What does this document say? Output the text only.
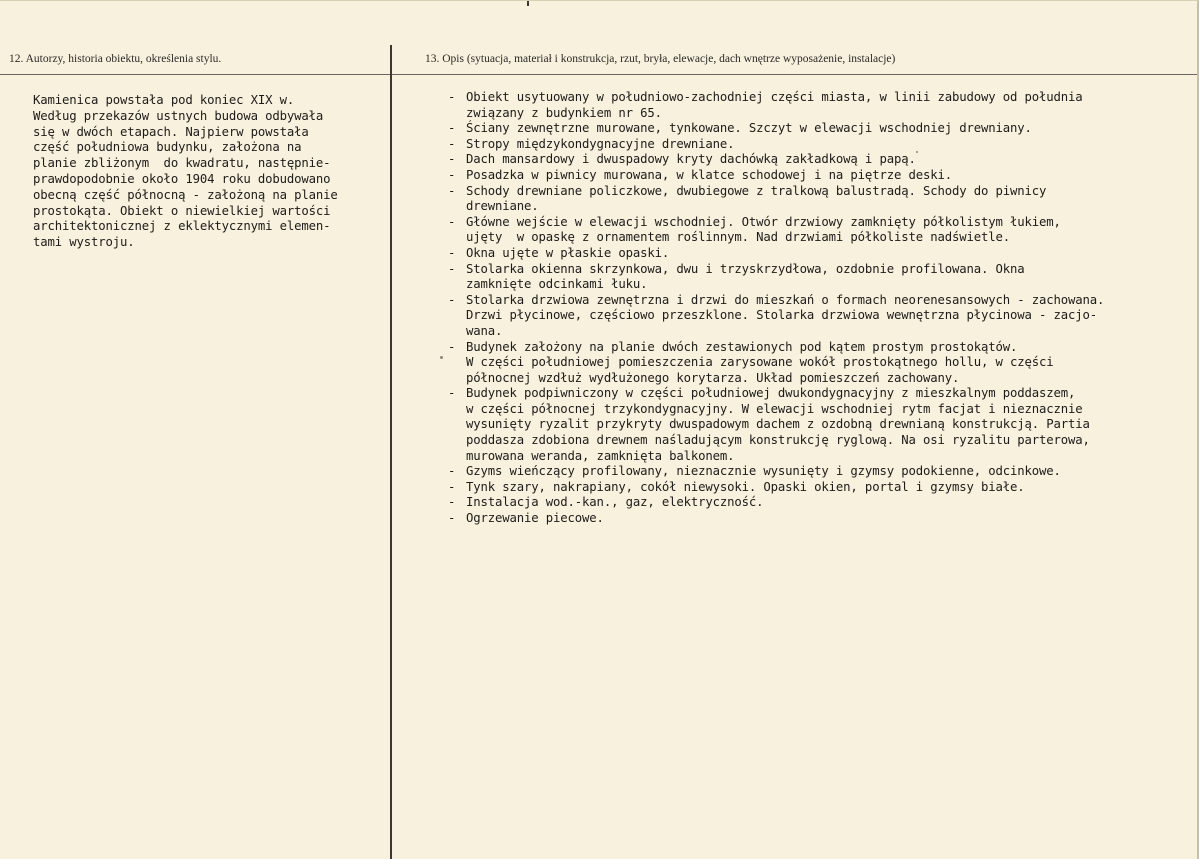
12. Autorzy, historia obiektu, określenia stylu.	13. Opis (sytuacja, materiał i konstrukcja, rzut, bryła, elewacje, dach wnętrze wyposażenie, instalacje)
Kamienica powstała pod koniec XIX w.
Według przekazów ustnych budowa odbywała
się w dwóch etapach. Najpierw powstała
część południowa budynku, założona na
planie zbliżonym  do kwadratu, następnie-
prawdopodobnie około 1904 roku dobudowano
obecną część północną - założoną na planie
prostokąta. Obiekt o niewielkiej wartości
architektonicznej z eklektycznymi elemen-
tami wystroju.
- Obiekt usytuowany w południowo-zachodniej części miasta, w linii zabudowy od południa
związany z budynkiem nr 65.
- Ściany zewnętrzne murowane, tynkowane. Szczyt w elewacji wschodniej drewniany.
- Stropy międzykondygnacyjne drewniane.
- Dach mansardowy i dwuspadowy kryty dachówką zakładkową i papą.
- Posadzka w piwnicy murowana, w klatce schodowej i na piętrze deski.
- Schody drewniane policzkowe, dwubiegowe z tralkową balustradą. Schody do piwnicy
drewniane.
- Główne wejście w elewacji wschodniej. Otwór drzwiowy zamknięty półkolistym łukiem,
ujęty  w opaskę z ornamentem roślinnym. Nad drzwiami półkoliste nadświetle.
- Okna ujęte w płaskie opaski.
- Stolarka okienna skrzynkowa, dwu i trzyskrzydłowa, ozdobnie profilowana. Okna
zamknięte odcinkami łuku.
- Stolarka drzwiowa zewnętrzna i drzwi do mieszkań o formach neorenesansowych - zachowana.
Drzwi płycinowe, częściowo przeszklone. Stolarka drzwiowa wewnętrzna płycinowa - zacjo-
wana.
- Budynek założony na planie dwóch zestawionych pod kątem prostym prostokątów.
W części południowej pomieszczenia zarysowane wokół prostokątnego hollu, w części
północnej wzdłuż wydłużonego korytarza. Układ pomieszczeń zachowany.
- Budynek podpiwniczony w części południowej dwukondygnacyjny z mieszkalnym poddaszem,
w części północnej trzykondygnacyjny. W elewacji wschodniej rytm facjat i nieznacznie
wysunięty ryzalit przykryty dwuspadowym dachem z ozdobną drewnianą konstrukcją. Partia
poddasza zdobiona drewnem naśladującym konstrukcję ryglową. Na osi ryzalitu parterowa,
murowana weranda, zamknięta balkonem.
- Gzyms wieńczący profilowany, nieznacznie wysunięty i gzymsy podokienne, odcinkowe.
- Tynk szary, nakrapiany, cokół niewysoki. Opaski okien, portal i gzymsy białe.
- Instalacja wod.-kan., gaz, elektryczność.
- Ogrzewanie piecowe.
